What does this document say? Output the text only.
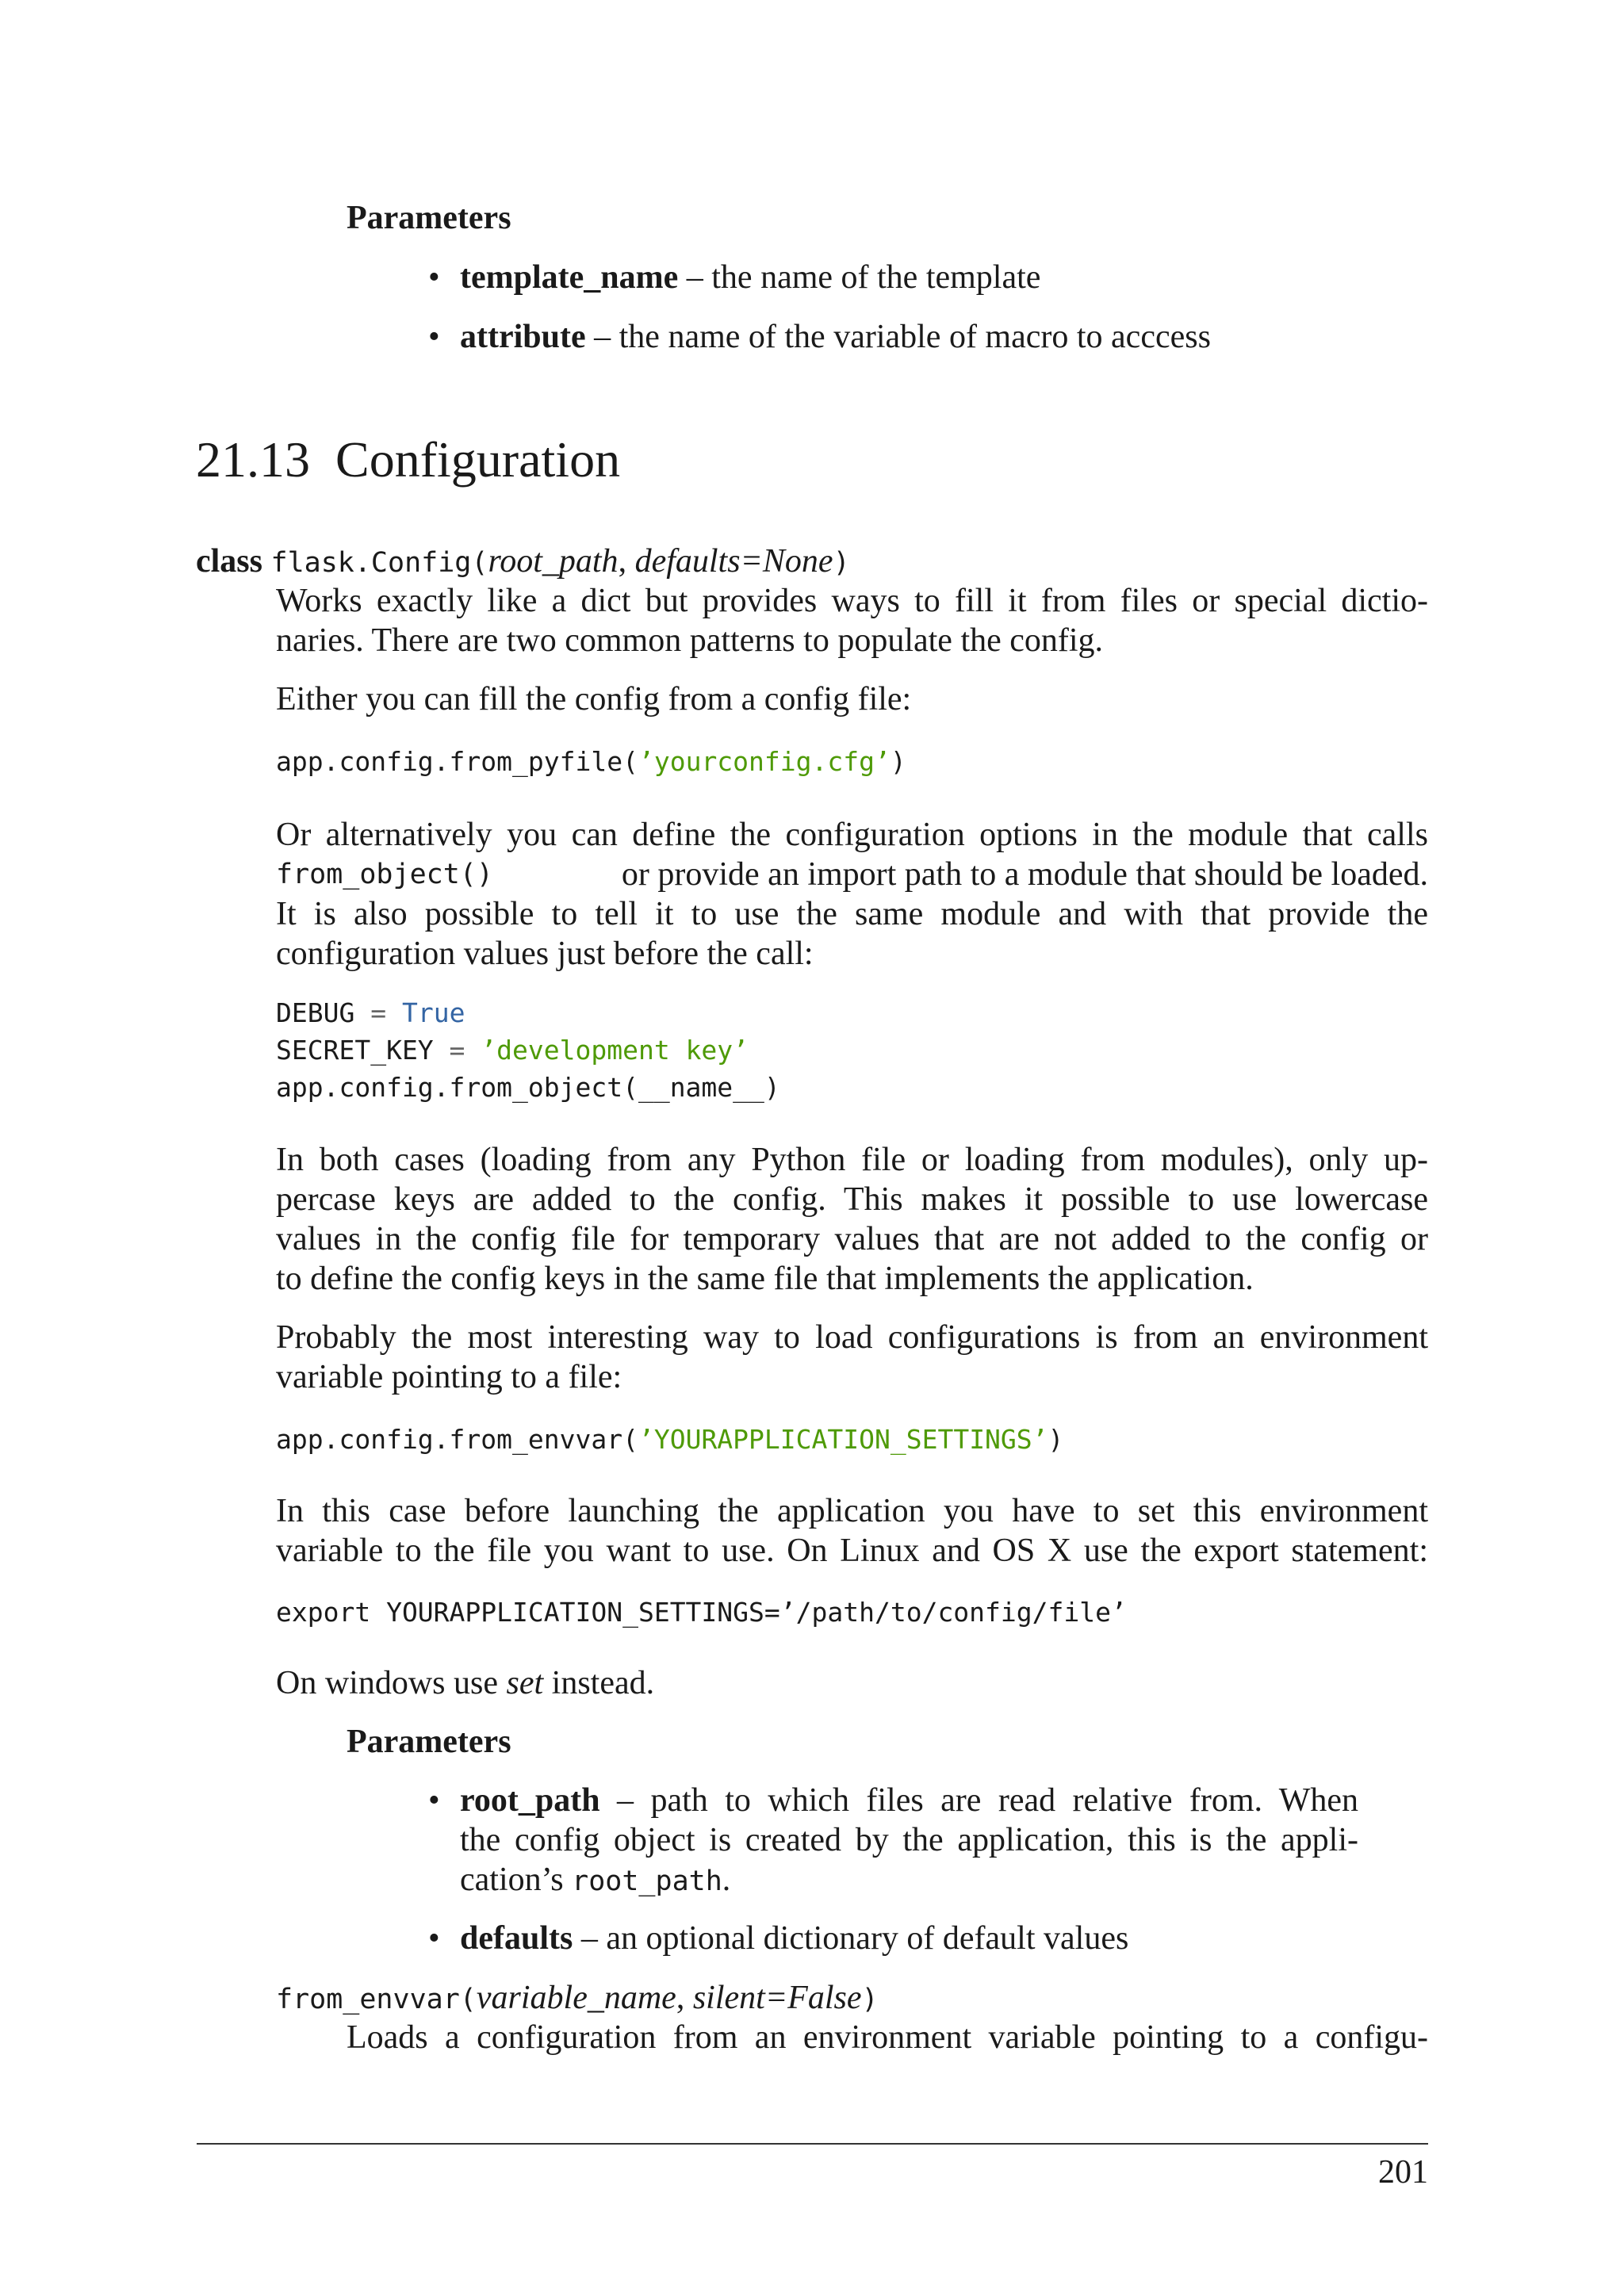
Parameters
• template_name – the name of the template
• attribute – the name of the variable of macro to acccess
21.13 Configuration
class flask.Config(root_path, defaults=None)
Works exactly like a dict but provides ways to fill it from files or special dictio-
naries. There are two common patterns to populate the config.
Either you can fill the config from a config file:
app.config.from_pyfile(’yourconfig.cfg’)
Or alternatively you can define the configuration options in the module that calls
from_object()	or provide an import path to a module that should be loaded.
It is also possible to tell it to use the same module and with that provide the
configuration values just before the call:
DEBUG = True
SECRET_KEY = ’development key’
app.config.from_object(__name__)
In both cases (loading from any Python file or loading from modules), only up-
percase keys are added to the config. This makes it possible to use lowercase
values in the config file for temporary values that are not added to the config or
to define the config keys in the same file that implements the application.
Probably the most interesting way to load configurations is from an environment
variable pointing to a file:
app.config.from_envvar(’YOURAPPLICATION_SETTINGS’)
In this case before launching the application you have to set this environment
variable to the file you want to use. On Linux and OS X use the export statement:
export YOURAPPLICATION_SETTINGS=’/path/to/config/file’
On windows use set instead.
Parameters
• root_path – path to which files are read relative from. When
the config object is created by the application, this is the appli-
cation’s root_path.
• defaults – an optional dictionary of default values
from_envvar(variable_name, silent=False)
Loads a configuration from an environment variable pointing to a configu-
201
